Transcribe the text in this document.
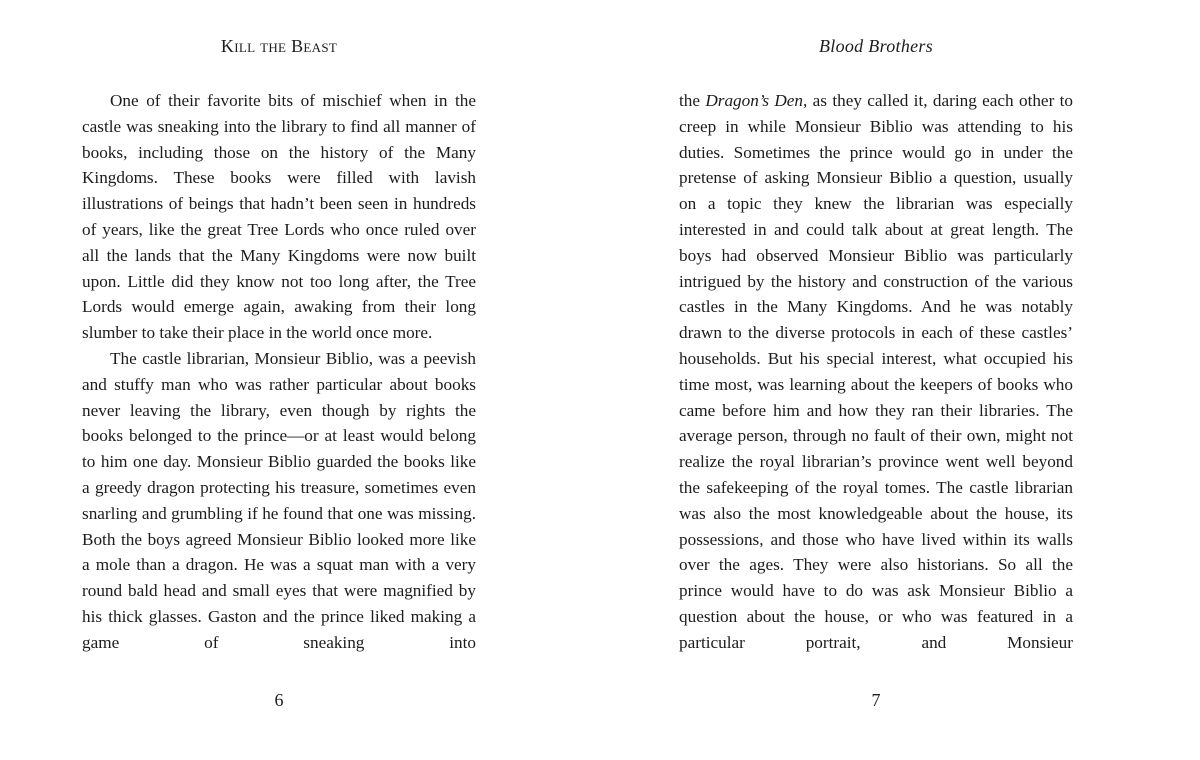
Kill the Beast

One of their favorite bits of mischief when in the castle was sneaking into the library to find all manner of books, including those on the history of the Many Kingdoms. These books were filled with lavish illustrations of beings that hadn’t been seen in hundreds of years, like the great Tree Lords who once ruled over all the lands that the Many Kingdoms were now built upon. Little did they know not too long after, the Tree Lords would emerge again, awaking from their long slumber to take their place in the world once more.

The castle librarian, Monsieur Biblio, was a peevish and stuffy man who was rather particular about books never leaving the library, even though by rights the books belonged to the prince—or at least would belong to him one day. Monsieur Biblio guarded the books like a greedy dragon protecting his treasure, sometimes even snarling and grumbling if he found that one was missing. Both the boys agreed Monsieur Biblio looked more like a mole than a dragon. He was a squat man with a very round bald head and small eyes that were magnified by his thick glasses. Gaston and the prince liked making a game of sneaking into

6
Blood Brothers

the Dragon’s Den, as they called it, daring each other to creep in while Monsieur Biblio was attending to his duties. Sometimes the prince would go in under the pretense of asking Monsieur Biblio a question, usually on a topic they knew the librarian was especially interested in and could talk about at great length. The boys had observed Monsieur Biblio was particularly intrigued by the history and construction of the various castles in the Many Kingdoms. And he was notably drawn to the diverse protocols in each of these castles’ households. But his special interest, what occupied his time most, was learning about the keepers of books who came before him and how they ran their libraries. The average person, through no fault of their own, might not realize the royal librarian’s province went well beyond the safekeeping of the royal tomes. The castle librarian was also the most knowledgeable about the house, its possessions, and those who have lived within its walls over the ages. They were also historians. So all the prince would have to do was ask Monsieur Biblio a question about the house, or who was featured in a particular portrait, and Monsieur

7
